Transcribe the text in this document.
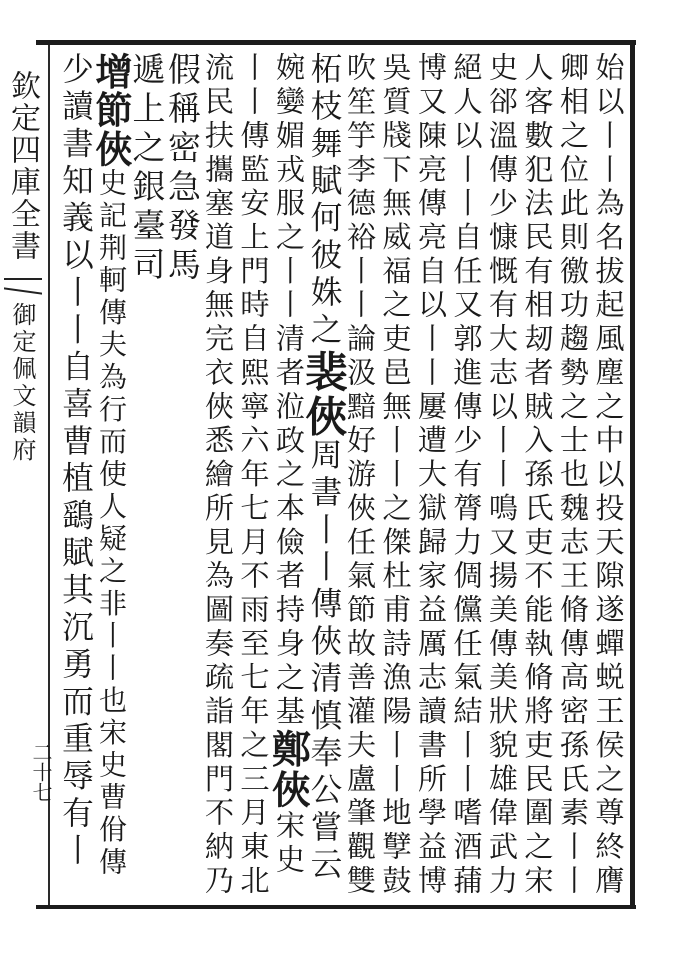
欽定四庫全書
御定佩文韻府
二十七	始以丨丨為名拔起風塵之中以投天隙遂蟬蜕王侯之尊終膺
卿相之位此則徼功趨勢之士也魏志王脩傳高密孫氏素丨丨
人客數犯法民有相刼者賊入孫氏吏不能執脩將吏民圍之宋
史郤溫傳少慷慨有大志以丨丨鳴又揚美傳美狀貌雄偉武力
絕人以丨丨自任又郭進傳少有膂力倜儻任氣結丨丨嗜酒蒱
博又陳亮傳亮自以丨丨屢遭大獄歸家益厲志讀書所學益博
吳質牋下無威福之吏邑無丨丨之傑杜甫詩漁陽丨丨地孼鼓
吹笙竽李德裕丨丨論汲黯好游俠任氣節故善灌夫盧肇觀雙
柘枝舞賦何彼姝之
裴俠
周書丨丨傳俠清慎奉公嘗云
婉孌媚戎服之丨丨
清者涖政之本儉者持身之基
鄭俠
宋史
丨丨傳監安上門時自熙寧六年七月不雨至七年之三月東北
流民扶攜塞道身無完衣俠悉繪所見為圖奏疏詣閣門不納乃
假稱密急發馬
遞上之銀臺司
增節俠
史記荆軻傳夫為行而使人疑之非丨丨也宋史曹佾傳
少讀書知義以丨丨自喜曹植鷂賦其沉勇而重辱有丨
